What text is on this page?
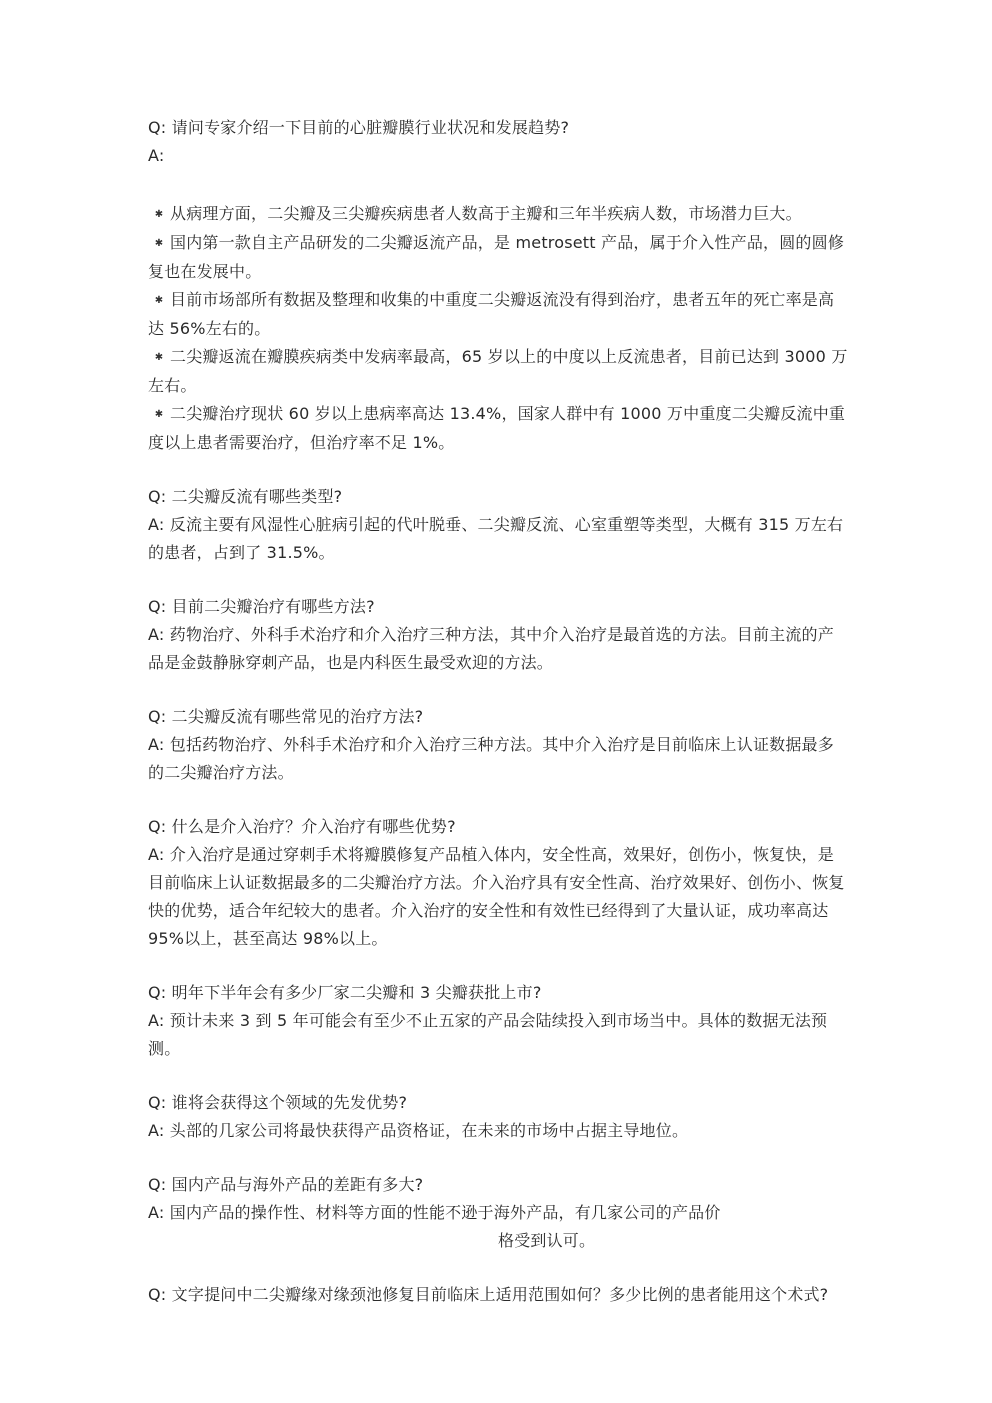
Q: 请问专家介绍一下目前的心脏瓣膜行业状况和发展趋势?

A:

✱ 从病理方面，二尖瓣及三尖瓣疾病患者人数高于主瓣和三年半疾病人数，市场潜力巨大。
✱ 国内第一款自主产品研发的二尖瓣返流产品，是 metrosett 产品，属于介入性产品，圆的圆修复也在发展中。
✱ 目前市场部所有数据及整理和收集的中重度二尖瓣返流没有得到治疗，患者五年的死亡率是高达 56%左右的。
✱ 二尖瓣返流在瓣膜疾病类中发病率最高，65 岁以上的中度以上反流患者，目前已达到 3000 万左右。
✱ 二尖瓣治疗现状 60 岁以上患病率高达 13.4%，国家人群中有 1000 万中重度二尖瓣反流中重度以上患者需要治疗，但治疗率不足 1%。

Q: 二尖瓣反流有哪些类型?

A: 反流主要有风湿性心脏病引起的代叶脱垂、二尖瓣反流、心室重塑等类型，大概有 315 万左右的患者，占到了 31.5%。

Q: 目前二尖瓣治疗有哪些方法?

A: 药物治疗、外科手术治疗和介入治疗三种方法，其中介入治疗是最首选的方法。目前主流的产品是金鼓静脉穿刺产品，也是内科医生最受欢迎的方法。

Q: 二尖瓣反流有哪些常见的治疗方法?

A: 包括药物治疗、外科手术治疗和介入治疗三种方法。其中介入治疗是目前临床上认证数据最多的二尖瓣治疗方法。

Q: 什么是介入治疗？介入治疗有哪些优势?

A: 介入治疗是通过穿刺手术将瓣膜修复产品植入体内，安全性高，效果好，创伤小，恢复快，是目前临床上认证数据最多的二尖瓣治疗方法。介入治疗具有安全性高、治疗效果好、创伤小、恢复快的优势，适合年纪较大的患者。介入治疗的安全性和有效性已经得到了大量认证，成功率高达 95%以上，甚至高达 98%以上。

Q: 明年下半年会有多少厂家二尖瓣和 3 尖瓣获批上市?

A: 预计未来 3 到 5 年可能会有至少不止五家的产品会陆续投入到市场当中。具体的数据无法预测。

Q: 谁将会获得这个领域的先发优势?

A: 头部的几家公司将最快获得产品资格证，在未来的市场中占据主导地位。

Q: 国内产品与海外产品的差距有多大?

A: 国内产品的操作性、材料等方面的性能不逊于海外产品，有几家公司的产品价

格受到认可。

Q: 文字提问中二尖瓣缘对缘颈池修复目前临床上适用范围如何？多少比例的患者能用这个术式?
